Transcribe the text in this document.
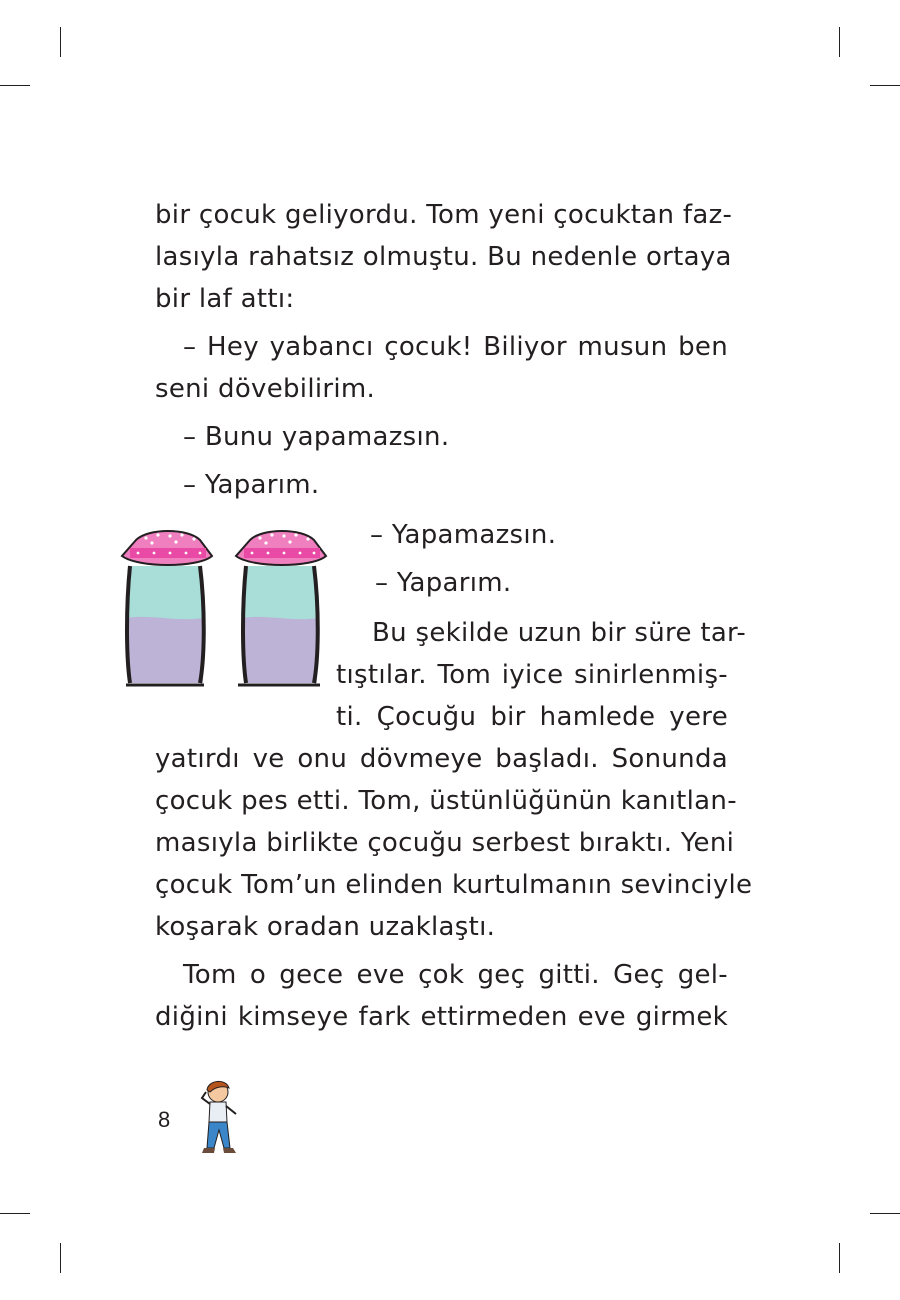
bir çocuk geliyordu. Tom yeni çocuktan faz-
lasıyla rahatsız olmuştu. Bu nedenle ortaya
bir laf attı:
– Hey yabancı çocuk! Biliyor musun ben
seni dövebilirim.
– Bunu yapamazsın.
– Yaparım.
– Yapamazsın.
– Yaparım.
Bu şekilde uzun bir süre tar-
tıştılar. Tom iyice sinirlenmiş-
ti. Çocuğu bir hamlede yere
yatırdı ve onu dövmeye başladı. Sonunda
çocuk pes etti. Tom, üstünlüğünün kanıtlan-
masıyla birlikte çocuğu serbest bıraktı. Yeni
çocuk Tom’un elinden kurtulmanın sevinciyle
koşarak oradan uzaklaştı.
Tom o gece eve çok geç gitti. Geç gel-
diğini kimseye fark ettirmeden eve girmek
8
